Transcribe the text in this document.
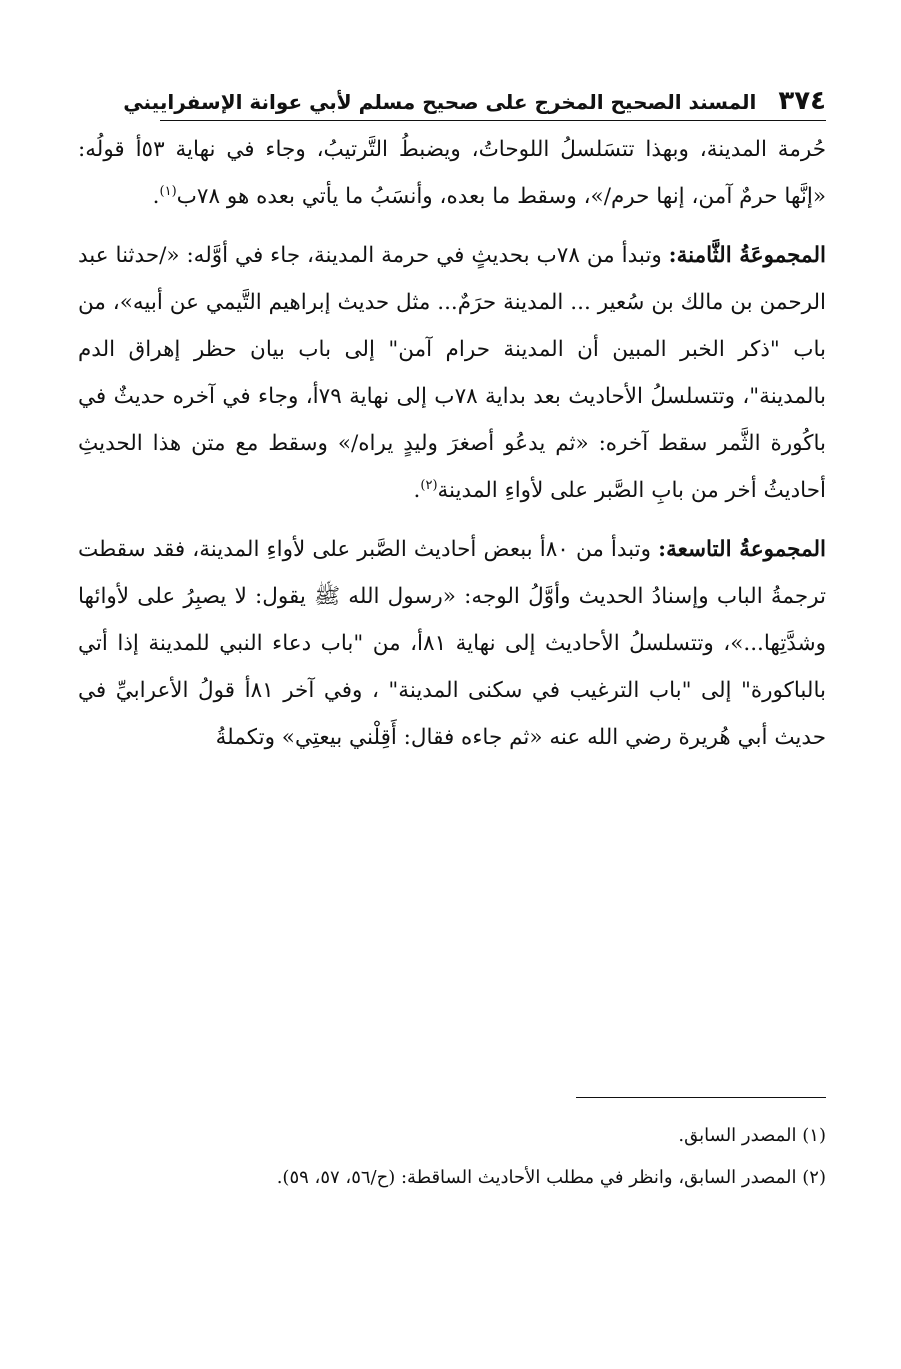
٣٧٤
المسند الصحيح المخرج على صحيح مسلم لأبي عوانة الإسفراييني

حُرمة المدينة، وبهذا تتسَلسلُ اللوحاتُ، ويضبطُ التَّرتيبُ، وجاء في نهاية ٥٣أ قولُه: «إنَّها حرمٌ آمن، إنها حرم/»، وسقط ما بعده، وأنسَبُ ما يأتي بعده هو ٧٨ب$^{(١)}$.

المجموعَةُ الثَّامنة: وتبدأ من ٧٨ب بحديثٍ في حرمة المدينة، جاء في أوَّله: «/حدثنا عبد الرحمن بن مالك بن سُعير ... المدينة حرَمٌ... مثل حديث إبراهيم التَّيمي عن أبيه»، من باب "ذكر الخبر المبين أن المدينة حرام آمن" إلى باب بيان حظر إهراق الدم بالمدينة"، وتتسلسلُ الأحاديث بعد بداية ٧٨ب إلى نهاية ٧٩أ، وجاء في آخره حديثٌ في باكُورة الثَّمر سقط آخره: «ثم يدعُو أصغرَ وليدٍ يراه/» وسقط مع متن هذا الحديثِ أحاديثُ أخر من بابِ الصَّبر على لأواءِ المدينة$^{(٢)}$.

المجموعةُ التاسعة: وتبدأ من ٨٠أ ببعض أحاديث الصَّبر على لأواءِ المدينة، فقد سقطت ترجمةُ الباب وإسنادُ الحديث وأوَّلُ الوجه: «رسول الله ﷺ يقول: لا يصبِرُ على لأوائها وشدَّتِها...»، وتتسلسلُ الأحاديث إلى نهاية ٨١أ، من "باب دعاء النبي للمدينة إذا أتي بالباكورة" إلى "باب الترغيب في سكنى المدينة" ، وفي آخر ٨١أ قولُ الأعرابيِّ في حديث أبي هُريرة رضي الله عنه «ثم جاءه فقال: أَقِلْني بيعتِي» وتكملةُ

(١) المصدر السابق.

(٢) المصدر السابق، وانظر في مطلب الأحاديث الساقطة: (ح/٥٦، ٥٧، ٥٩).
